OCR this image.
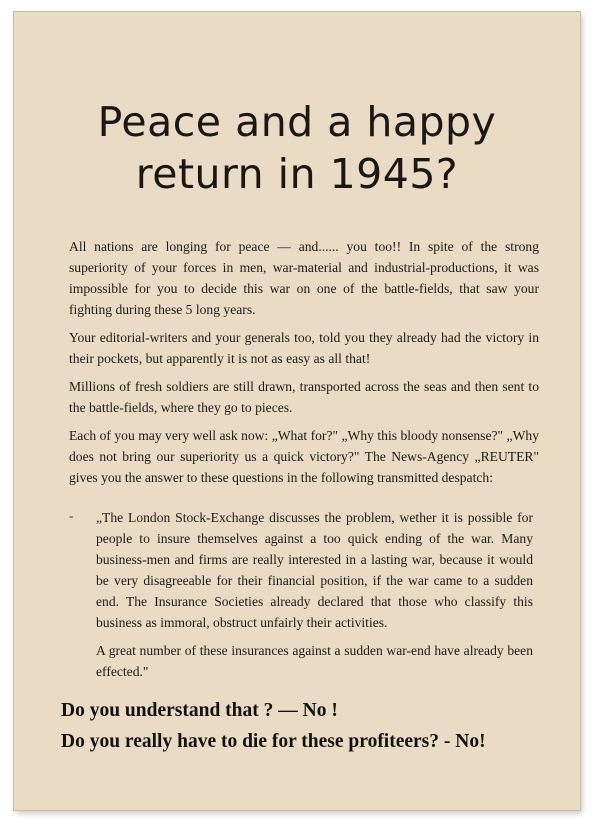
Peace and a happy
return in 1945?

All nations are longing for peace — and...... you too!! In spite of the strong superiority of your forces in men, war-material and industrial-productions, it was impossible for you to decide this war on one of the battle-fields, that saw your fighting during these 5 long years.

Your editorial-writers and your generals too, told you they already had the victory in their pockets, but apparently it is not as easy as all that!

Millions of fresh soldiers are still drawn, transported across the seas and then sent to the battle-fields, where they go to pieces.

Each of you may very well ask now: „What for?" „Why this bloody nonsense?" „Why does not bring our superiority us a quick victory?" The News-Agency „REUTER" gives you the answer to these questions in the following transmitted despatch:

- „The London Stock-Exchange discusses the problem, wether it is possible for people to insure themselves against a too quick ending of the war. Many business-men and firms are really interested in a lasting war, because it would be very disagreeable for their financial position, if the war came to a sudden end. The Insurance Societies already declared that those who classify this business as immoral, obstruct unfairly their activities.

A great number of these insurances against a sudden war-end have already been effected."

Do you understand that ? — No !
Do you really have to die for these profiteers? - No!
